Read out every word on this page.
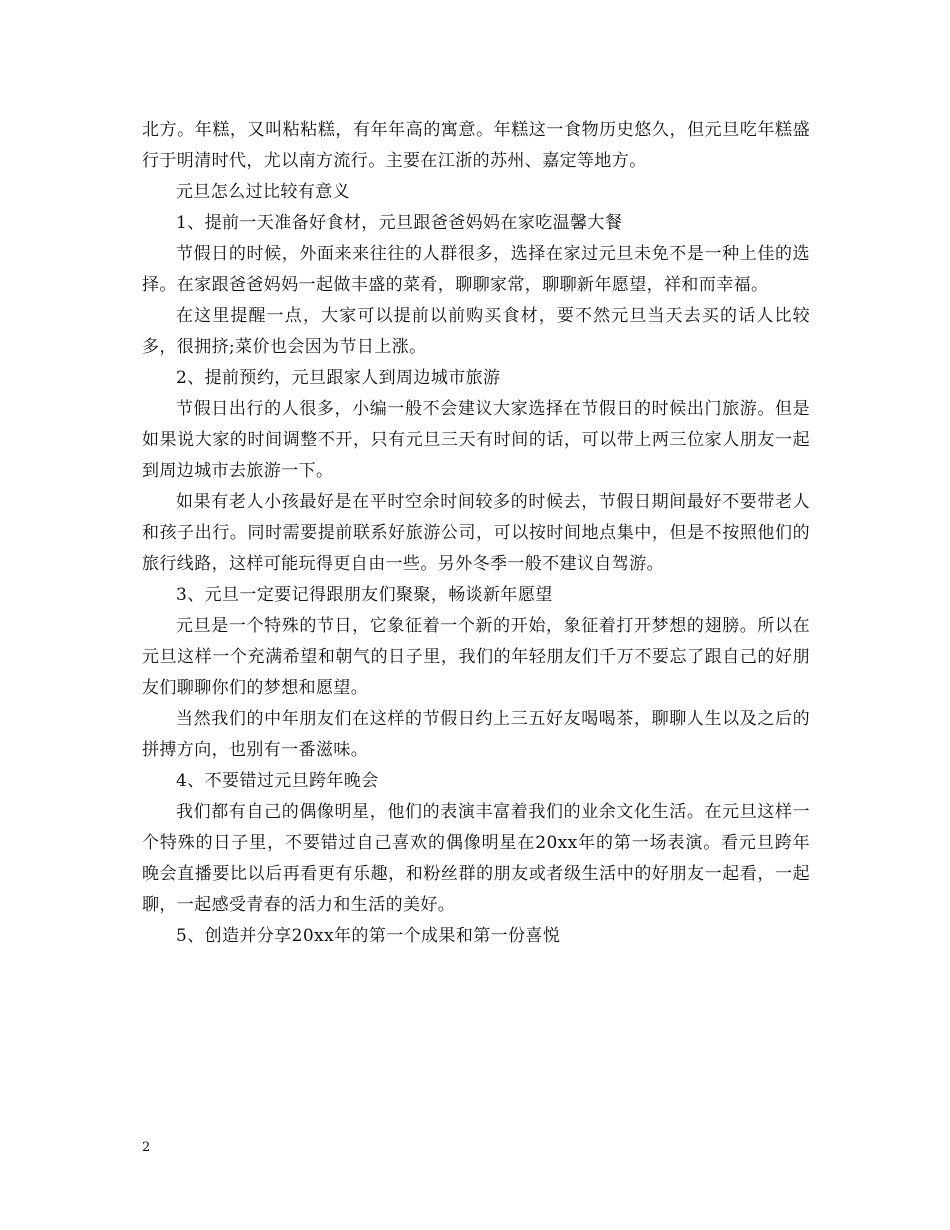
北方。年糕，又叫粘粘糕，有年年高的寓意。年糕这一食物历史悠久，但元旦吃年糕盛行于明清时代，尤以南方流行。主要在江浙的苏州、嘉定等地方。

元旦怎么过比较有意义

1、提前一天准备好食材，元旦跟爸爸妈妈在家吃温馨大餐

节假日的时候，外面来来往往的人群很多，选择在家过元旦未免不是一种上佳的选择。在家跟爸爸妈妈一起做丰盛的菜肴，聊聊家常，聊聊新年愿望，祥和而幸福。

在这里提醒一点，大家可以提前以前购买食材，要不然元旦当天去买的话人比较多，很拥挤;菜价也会因为节日上涨。

2、提前预约，元旦跟家人到周边城市旅游

节假日出行的人很多，小编一般不会建议大家选择在节假日的时候出门旅游。但是如果说大家的时间调整不开，只有元旦三天有时间的话，可以带上两三位家人朋友一起到周边城市去旅游一下。

如果有老人小孩最好是在平时空余时间较多的时候去，节假日期间最好不要带老人和孩子出行。同时需要提前联系好旅游公司，可以按时间地点集中，但是不按照他们的旅行线路，这样可能玩得更自由一些。另外冬季一般不建议自驾游。

3、元旦一定要记得跟朋友们聚聚，畅谈新年愿望

元旦是一个特殊的节日，它象征着一个新的开始，象征着打开梦想的翅膀。所以在元旦这样一个充满希望和朝气的日子里，我们的年轻朋友们千万不要忘了跟自己的好朋友们聊聊你们的梦想和愿望。

当然我们的中年朋友们在这样的节假日约上三五好友喝喝茶，聊聊人生以及之后的拼搏方向，也别有一番滋味。

4、不要错过元旦跨年晚会

我们都有自己的偶像明星，他们的表演丰富着我们的业余文化生活。在元旦这样一个特殊的日子里，不要错过自己喜欢的偶像明星在20xx年的第一场表演。看元旦跨年晚会直播要比以后再看更有乐趣，和粉丝群的朋友或者级生活中的好朋友一起看，一起聊，一起感受青春的活力和生活的美好。

5、创造并分享20xx年的第一个成果和第一份喜悦

2
